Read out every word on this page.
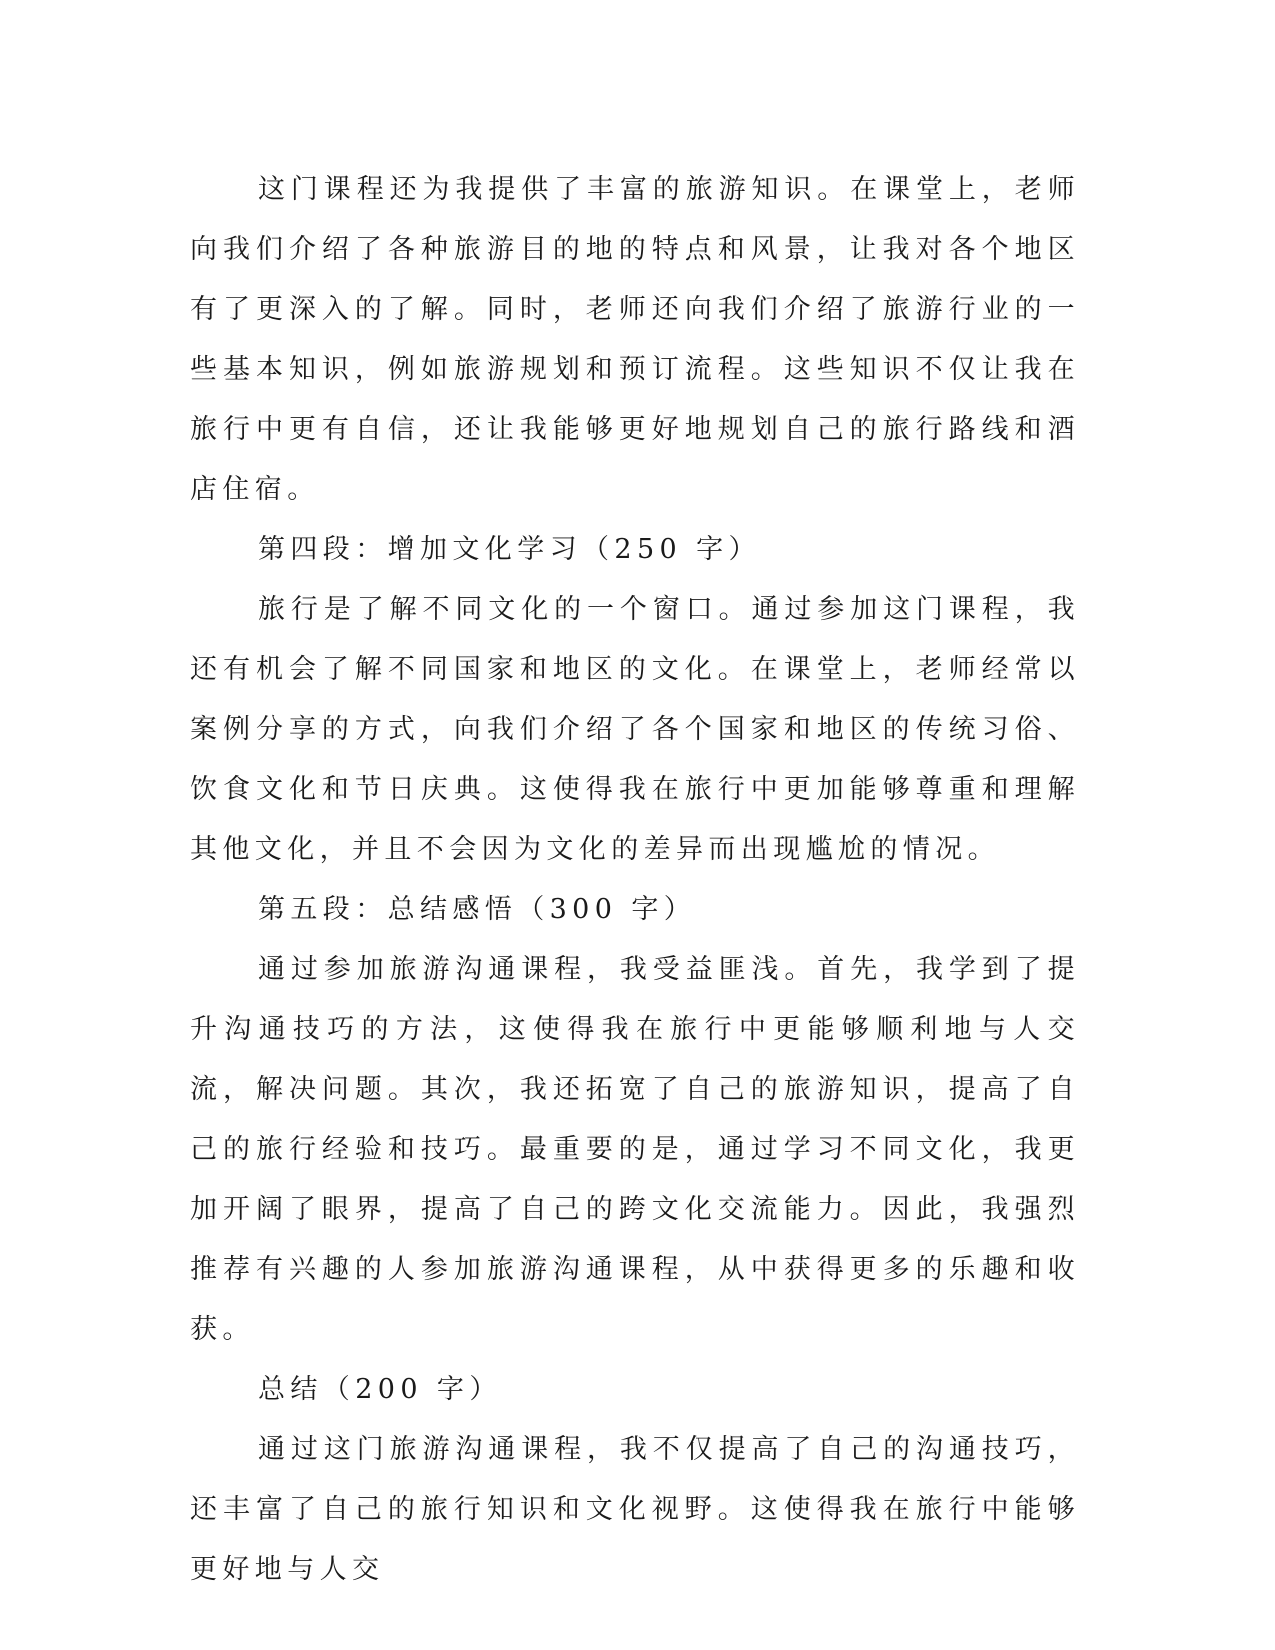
这门课程还为我提供了丰富的旅游知识。在课堂上，老师向我们介绍了各种旅游目的地的特点和风景，让我对各个地区有了更深入的了解。同时，老师还向我们介绍了旅游行业的一些基本知识，例如旅游规划和预订流程。这些知识不仅让我在旅行中更有自信，还让我能够更好地规划自己的旅行路线和酒店住宿。

第四段：增加文化学习（250 字）

旅行是了解不同文化的一个窗口。通过参加这门课程，我还有机会了解不同国家和地区的文化。在课堂上，老师经常以案例分享的方式，向我们介绍了各个国家和地区的传统习俗、饮食文化和节日庆典。这使得我在旅行中更加能够尊重和理解其他文化，并且不会因为文化的差异而出现尴尬的情况。

第五段：总结感悟（300 字）

通过参加旅游沟通课程，我受益匪浅。首先，我学到了提升沟通技巧的方法，这使得我在旅行中更能够顺利地与人交流，解决问题。其次，我还拓宽了自己的旅游知识，提高了自己的旅行经验和技巧。最重要的是，通过学习不同文化，我更加开阔了眼界，提高了自己的跨文化交流能力。因此，我强烈推荐有兴趣的人参加旅游沟通课程，从中获得更多的乐趣和收获。

总结（200 字）

通过这门旅游沟通课程，我不仅提高了自己的沟通技巧，还丰富了自己的旅行知识和文化视野。这使得我在旅行中能够更好地与人交
